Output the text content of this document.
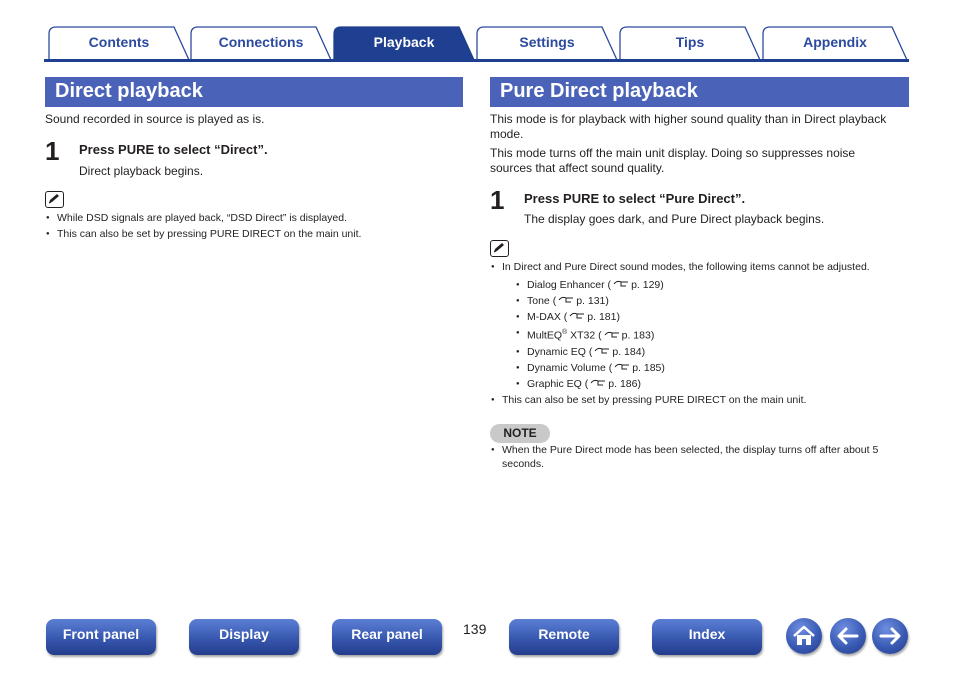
Contents	Connections	Playback	Settings	Tips	Appendix
Direct playback
Sound recorded in source is played as is.
1 Press PURE to select “Direct”.
Direct playback begins.
● While DSD signals are played back, “DSD Direct” is displayed.
● This can also be set by pressing PURE DIRECT on the main unit.
Pure Direct playback
This mode is for playback with higher sound quality than in Direct playback mode.
This mode turns off the main unit display. Doing so suppresses noise sources that affect sound quality.
1 Press PURE to select “Pure Direct”.
The display goes dark, and Pure Direct playback begins.
● In Direct and Pure Direct sound modes, the following items cannot be adjusted.
● Dialog Enhancer ( p. 129)
● Tone ( p. 131)
● M-DAX ( p. 181)
● MultEQ® XT32 ( p. 183)
● Dynamic EQ ( p. 184)
● Dynamic Volume ( p. 185)
● Graphic EQ ( p. 186)
● This can also be set by pressing PURE DIRECT on the main unit.
NOTE
● When the Pure Direct mode has been selected, the display turns off after about 5 seconds.
Front panel	Display	Rear panel	139	Remote	Index
